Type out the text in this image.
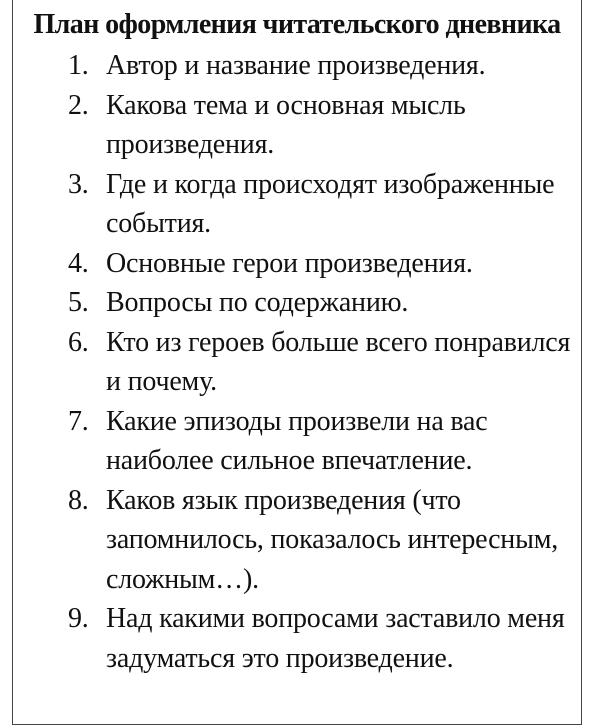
План оформления читательского дневника
1. Автор и название произведения.
2. Какова тема и основная мысль произведения.
3. Где и когда происходят изображенные события.
4. Основные герои произведения.
5. Вопросы по содержанию.
6. Кто из героев больше всего понравился и почему.
7. Какие эпизоды произвели на вас наиболее сильное впечатление.
8. Каков язык произведения (что запомнилось, показалось интересным, сложным…).
9. Над какими вопросами заставило меня задуматься это произведение.
